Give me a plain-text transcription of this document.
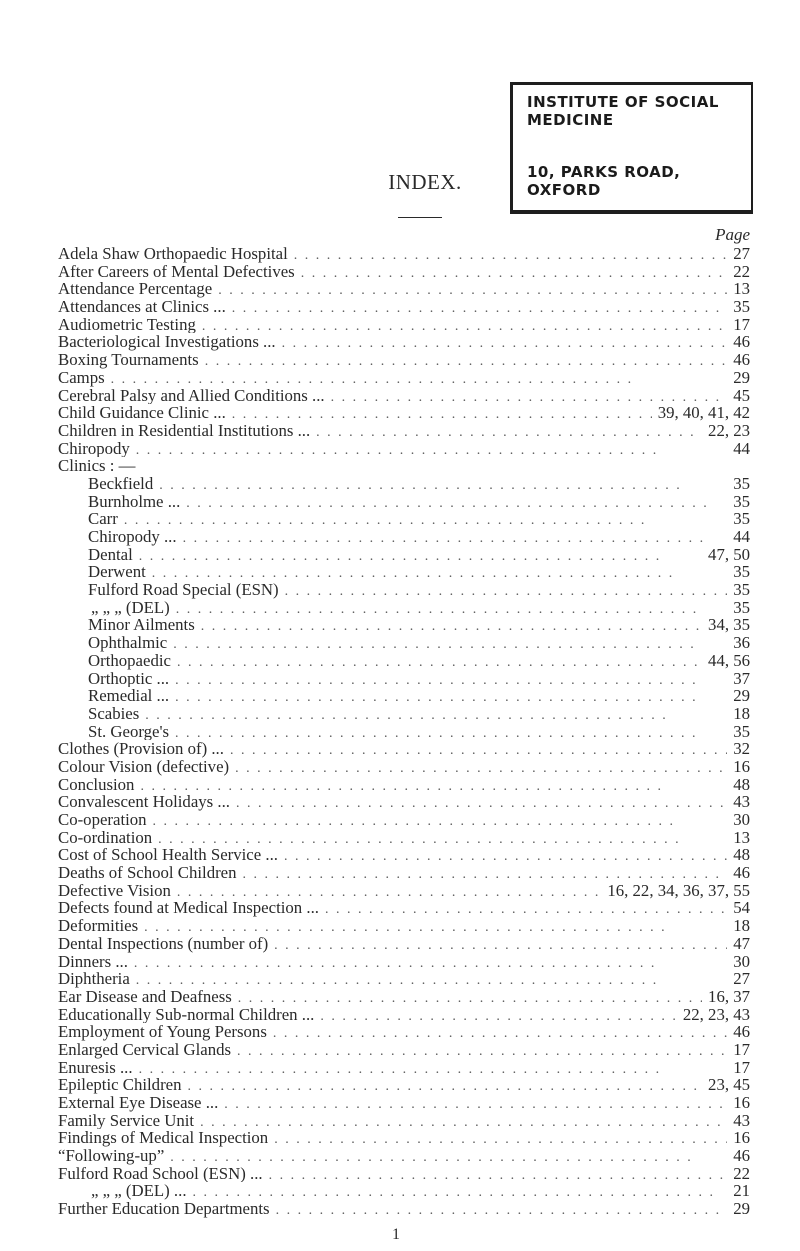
INSTITUTE OF SOCIAL
MEDICINE
10, PARKS ROAD,
OXFORD
INDEX.
Page
Adela Shaw Orthopaedic Hospital . . .	27
After Careers of Mental Defectives . . .	22
Attendance Percentage . . .	13
Attendances at Clinics ... . . .	35
Audiometric Testing . . .	17
Bacteriological Investigations ... . . .	46
Boxing Tournaments . . .	46
Camps . . .	29
Cerebral Palsy and Allied Conditions ... . . .	45
Child Guidance Clinic ... . . .	39, 40, 41, 42
Children in Residential Institutions ... . . .	22, 23
Chiropody . . .	44
Clinics : —
Beckfield . . .	35
Burnholme ... . . .	35
Carr . . .	35
Chiropody ... . . .	44
Dental . . .	47, 50
Derwent . . .	35
Fulford Road Special (ESN) . . .	35
„ „ „ (DEL) . . .	35
Minor Ailments . . .	34, 35
Ophthalmic . . .	36
Orthopaedic . . .	44, 56
Orthoptic ... . . .	37
Remedial ... . . .	29
Scabies . . .	18
St. George's . . .	35
Clothes (Provision of) ... . . .	32
Colour Vision (defective) . . .	16
Conclusion . . .	48
Convalescent Holidays ... . . .	43
Co-operation . . .	30
Co-ordination . . .	13
Cost of School Health Service ... . . .	48
Deaths of School Children . . .	46
Defective Vision . . .	16, 22, 34, 36, 37, 55
Defects found at Medical Inspection ... . . .	54
Deformities . . .	18
Dental Inspections (number of) . . .	47
Dinners ... . . .	30
Diphtheria . . .	27
Ear Disease and Deafness . . .	16, 37
Educationally Sub-normal Children ... . . .	22, 23, 43
Employment of Young Persons . . .	46
Enlarged Cervical Glands . . .	17
Enuresis ... . . .	17
Epileptic Children . . .	23, 45
External Eye Disease ... . . .	16
Family Service Unit . . .	43
Findings of Medical Inspection . . .	16
“Following-up” . . .	46
Fulford Road School (ESN) ... . . .	22
„ „ „ (DEL) ... . . .	21
Further Education Departments . . .	29
1
